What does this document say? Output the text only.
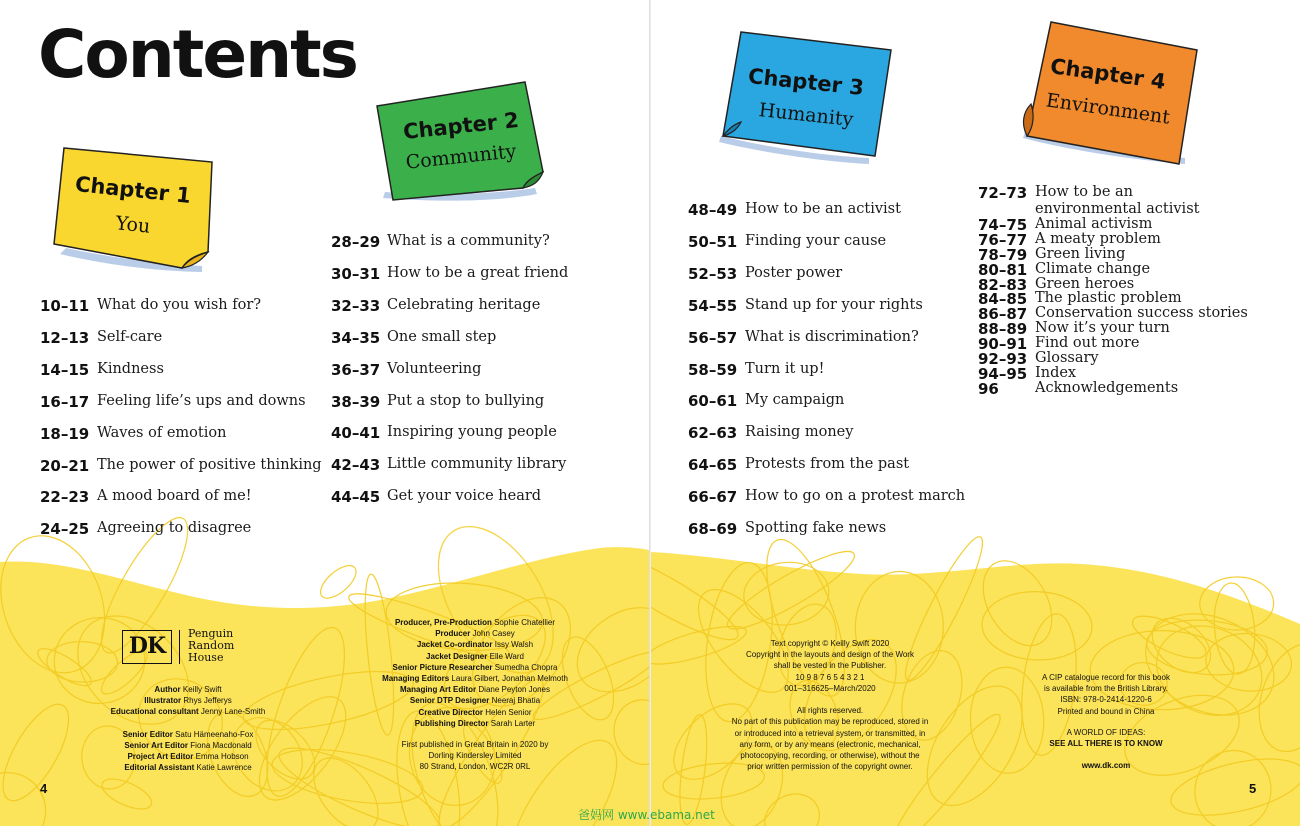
Contents
Chapter 1
You
Chapter 2
Community
10–11 What do you wish for?
12–13 Self-care
14–15 Kindness
16–17 Feeling life’s ups and downs
18–19 Waves of emotion
20–21 The power of positive thinking
22–23 A mood board of me!
24–25 Agreeing to disagree
28–29 What is a community?
30–31 How to be a great friend
32–33 Celebrating heritage
34–35 One small step
36–37 Volunteering
38–39 Put a stop to bullying
40–41 Inspiring young people
42–43 Little community library
44–45 Get your voice heard
DK	Penguin
Random
House
Author Keilly Swift
Illustrator Rhys Jefferys
Educational consultant Jenny Lane-Smith

Senior Editor Satu Hämeenaho-Fox
Senior Art Editor Fiona Macdonald
Project Art Editor Emma Hobson
Editorial Assistant Katie Lawrence
Producer, Pre-Production Sophie Chatellier
Producer John Casey
Jacket Co-ordinator Issy Walsh
Jacket Designer Elle Ward
Senior Picture Researcher Sumedha Chopra
Managing Editors Laura Gilbert, Jonathan Melmoth
Managing Art Editor Diane Peyton Jones
Senior DTP Designer Neeraj Bhatia
Creative Director Helen Senior
Publishing Director Sarah Larter
First published in Great Britain in 2020 by
Dorling Kindersley Limited
80 Strand, London, WC2R 0RL
4
Chapter 3
Humanity
Chapter 4
Environment
48–49 How to be an activist
50–51 Finding your cause
52–53 Poster power
54–55 Stand up for your rights
56–57 What is discrimination?
58–59 Turn it up!
60–61 My campaign
62–63 Raising money
64–65 Protests from the past
66–67 How to go on a protest march
68–69 Spotting fake news
72–73 How to be an environmental activist
74–75 Animal activism
76–77 A meaty problem
78–79 Green living
80–81 Climate change
82–83 Green heroes
84–85 The plastic problem
86–87 Conservation success stories
88–89 Now it’s your turn
90–91 Find out more
92–93 Glossary
94–95 Index
96 Acknowledgements
Text copyright © Keilly Swift 2020
Copyright in the layouts and design of the Work
shall be vested in the Publisher.
10 9 8 7 6 5 4 3 2 1
001–316625–March/2020

All rights reserved.
No part of this publication may be reproduced, stored in
or introduced into a retrieval system, or transmitted, in
any form, or by any means (electronic, mechanical,
photocopying, recording, or otherwise), without the
prior written permission of the copyright owner.
A CIP catalogue record for this book
is available from the British Library.
ISBN: 978-0-2414-1220-6
Printed and bound in China
A WORLD OF IDEAS:
SEE ALL THERE IS TO KNOW
www.dk.com
5
爸妈网 www.ebama.net
